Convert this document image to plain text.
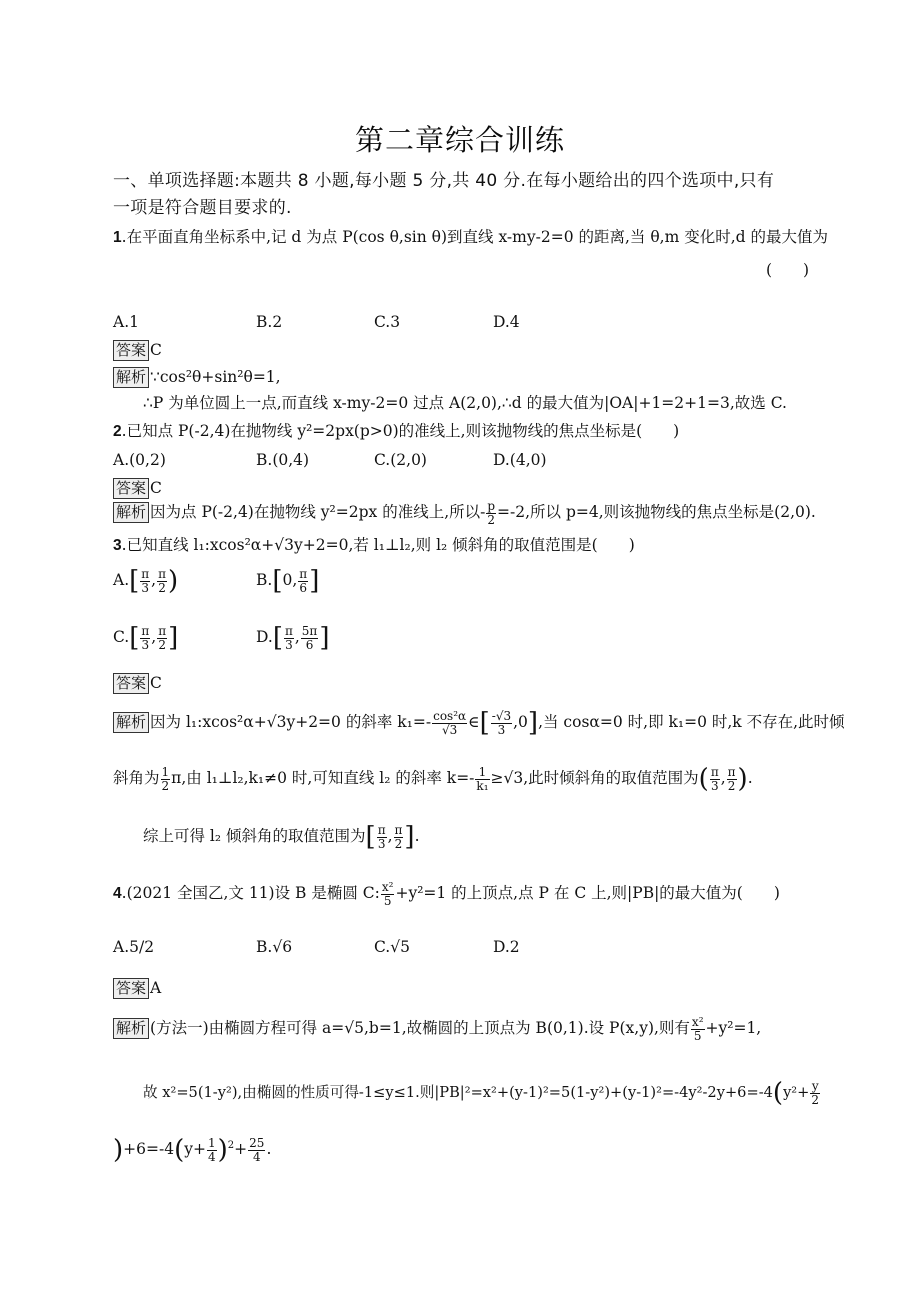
第二章综合训练
一、单项选择题:本题共 8 小题,每小题 5 分,共 40 分.在每小题给出的四个选项中,只有
一项是符合题目要求的.
1.在平面直角坐标系中,记 d 为点 P(cos θ,sin θ)到直线 x-my-2=0 的距离,当 θ,m 变化时,d 的最大值为
(　　)
A.1	B.2	C.3	D.4
答案 C
解析 ∵cos²θ+sin²θ=1,
∴P 为单位圆上一点,而直线 x-my-2=0 过点 A(2,0),∴d 的最大值为|OA|+1=2+1=3,故选 C.
2.已知点 P(-2,4)在抛物线 y²=2px(p>0)的准线上,则该抛物线的焦点坐标是(　　)
A.(0,2)	B.(0,4)	C.(2,0)	D.(4,0)
答案 C
解析 因为点 P(-2,4)在抛物线 y²=2px 的准线上,所以- $\frac{p}{2} =-2$,所以 p=4,则该抛物线的焦点坐标是(2,0).
3.已知直线 l₁:xcos²α+√3y+2=0,若 l₁⊥l₂,则 l₂ 倾斜角的取值范围是(　　)
$A.[ \frac{\pi}{3}$ , $\frac{\pi}{2}$ )	B.[0, $\frac{\pi}{6}$ ]
$C.[ \frac{\pi}{3}$ , $\frac{\pi}{2}$ ]	$D.[ \frac{\pi}{3}$ , $\frac{5\pi}{6}$ ]
答案 C
解析 因为 l₁:xcos²α+√3y+2=0 的斜率 $k_1=- \frac{\text{cos²α}}{√3}$ ∈[ $\frac{-√3}{3} ,0$],当 cosα=0 时,即 k₁=0 时,k 不存在,此时倾
斜角为 $\frac{1}{2} \pi$,由 l₁⊥l₂,k₁≠0 时,可知直线 l₂ 的斜率 $k=- \frac{1}{\text{k₁}} \ge√3$,此时倾斜角的取值范围为( $\frac{\pi}{3}$ , $\frac{\pi}{2}$ ).
综上可得 l₂ 倾斜角的取值范围为[ $\frac{\pi}{3}$ , $\frac{\pi}{2}$ ].
4.(2021 全国乙,文 11)设 B 是椭圆 C: $\frac{\text{x²}}{5} +y^2=1$ 的上顶点,点 P 在 C 上,则|PB|的最大值为(　　)
A.5/2	B.√6	C.√5	D.2
答案 A
解析 (方法一)由椭圆方程可得 a=√5,b=1,故椭圆的上顶点为 B(0,1).设 P(x,y),则有 $\frac{\text{x²}}{5} +y^2=1$,
故 x²=5(1-y²),由椭圆的性质可得-1≤y≤1.则$|PB|^2=x^2+(y-1)^2=5(1-y^2)+(y-1)^2=-4y^2-2y+6=-4(y^2+ \frac{y}{2}$
)$+6=-4(y+ \frac{1}{4} )^2+ \frac{25}{4}$ .
